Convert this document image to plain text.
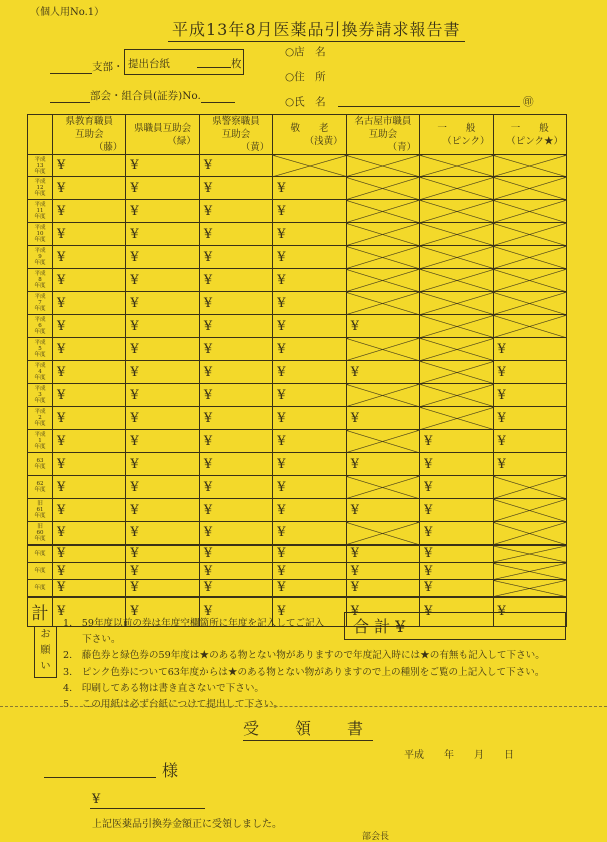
（個人用No.1）
平成13年8月医薬品引換券請求報告書
支部・ 提出台紙	枚
部会・組合員(証券)No.
○店　名
○住　所
○氏　名	㊞
	県教育職員
互助会
（藤）	県職員互助会
（緑）	県警察職員
互助会
（黄）	敬　　老
（浅黄）	名古屋市職員
互助会
（青）	一　　般
（ピンク）	一　　般
（ピンク★）

平成
13
年度	¥	¥	¥				
平成
12
年度	¥	¥	¥	¥			
平成
11
年度	¥	¥	¥	¥			
平成
10
年度	¥	¥	¥	¥			
平成
9
年度	¥	¥	¥	¥			
平成
8
年度	¥	¥	¥	¥			
平成
7
年度	¥	¥	¥	¥			
平成
6
年度	¥	¥	¥	¥	¥		
平成
5
年度	¥	¥	¥	¥			¥
平成
4
年度	¥	¥	¥	¥	¥		¥
平成
3
年度	¥	¥	¥	¥			¥
平成
2
年度	¥	¥	¥	¥	¥		¥
平成
1
年度	¥	¥	¥	¥		¥	¥
63
年度	¥	¥	¥	¥	¥	¥	¥
62
年度	¥	¥	¥	¥		¥	
旧
61
年度	¥	¥	¥	¥	¥	¥	
旧
60
年度	¥	¥	¥	¥		¥	
年度	¥	¥	¥	¥	¥	¥	
年度	¥	¥	¥	¥	¥	¥	
年度	¥	¥	¥	¥	¥	¥	
計	¥	¥	¥	¥	¥	¥	¥
お
願
い
1.　59年度以前の券は年度空欄箇所に年度を記入してご記入
　　下さい。
2.　藤色券と緑色券の59年度は★のある物とない物がありますので年度記入時には★の有無も記入して下さい。
3.　ピンク色券について63年度からは★のある物とない物がありますので上の種別をご覧の上記入して下さい。
4.　印刷してある物は書き直さないで下さい。
5.　この用紙は必ず台紙につけて提出して下さい。
合 計 ¥
受　領　書
平成　　年　　月　　日
様
¥
上記医薬品引換券金額正に受領しました。
部会長
